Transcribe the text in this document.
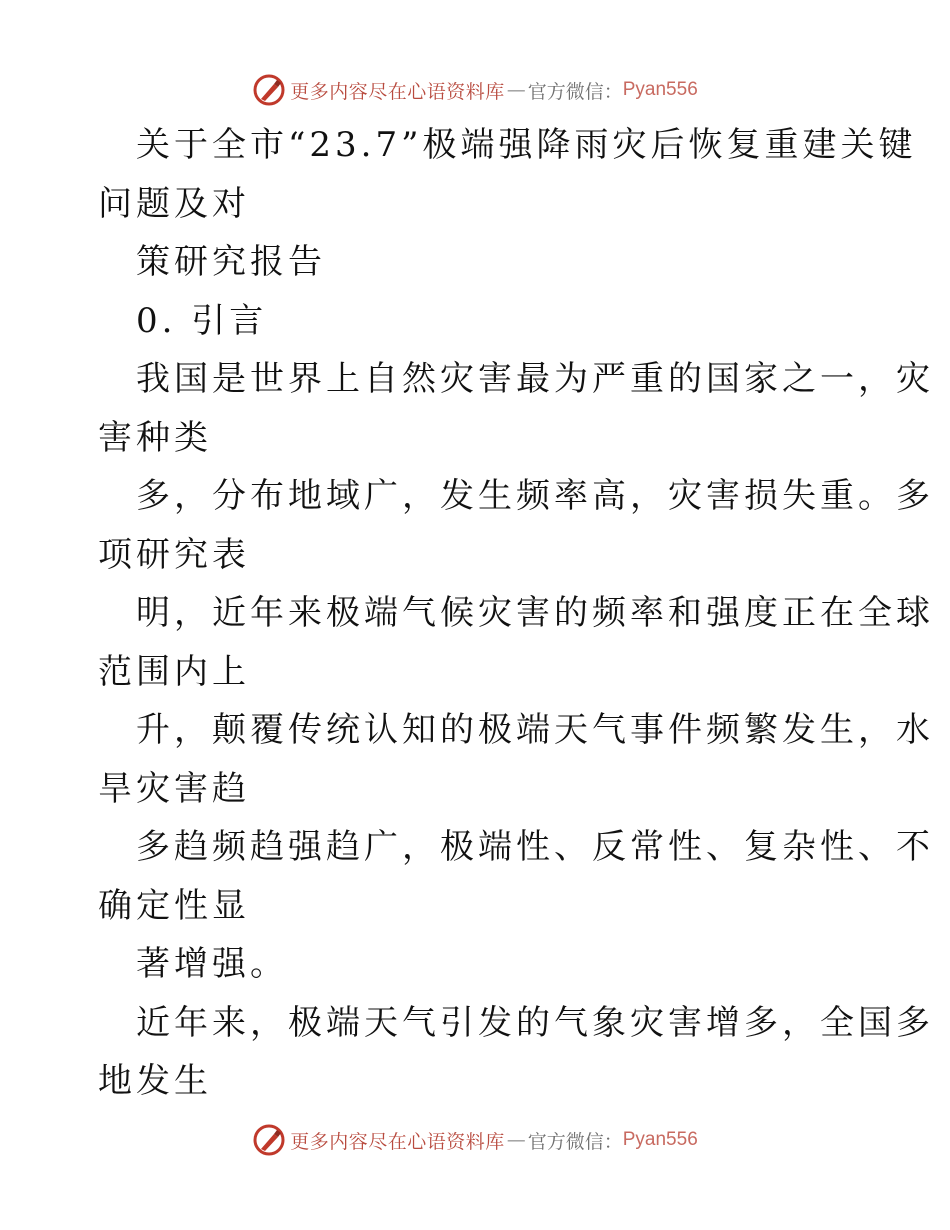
更多内容尽在心语资料库 — 官方微信： Pyan556
关于全市“23.7”极端强降雨灾后恢复重建关键
问题及对
策研究报告
0. 引言
我国是世界上自然灾害最为严重的国家之一，灾
害种类
多，分布地域广，发生频率高，灾害损失重。多
项研究表
明，近年来极端气候灾害的频率和强度正在全球
范围内上
升，颠覆传统认知的极端天气事件频繁发生，水
旱灾害趋
多趋频趋强趋广，极端性、反常性、复杂性、不
确定性显
著增强。
近年来，极端天气引发的气象灾害增多，全国多
地发生
更多内容尽在心语资料库 — 官方微信： Pyan556
